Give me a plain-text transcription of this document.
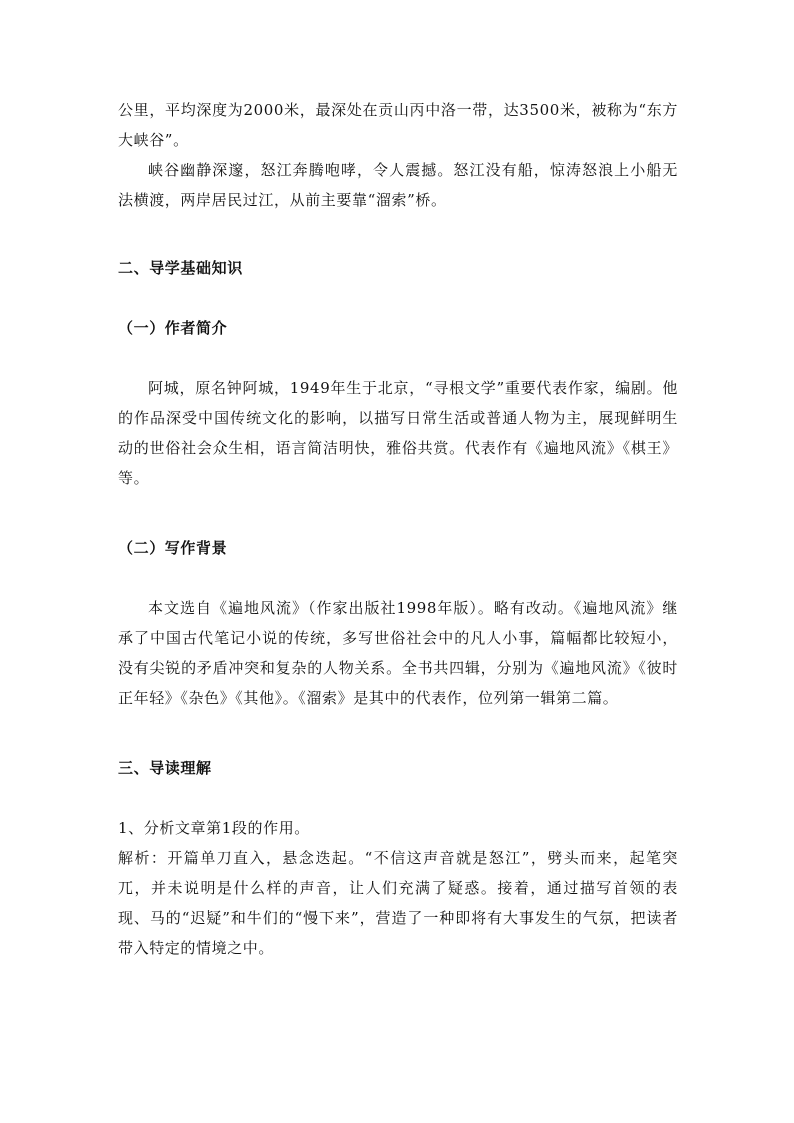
公里，平均深度为2000米，最深处在贡山丙中洛一带，达3500米，被称为“东方大峡谷”。

峡谷幽静深邃，怒江奔腾咆哮，令人震撼。怒江没有船，惊涛怒浪上小船无法横渡，两岸居民过江，从前主要靠“溜索”桥。

二、导学基础知识
（一）作者简介

阿城，原名钟阿城，1949年生于北京，“寻根文学”重要代表作家，编剧。他的作品深受中国传统文化的影响，以描写日常生活或普通人物为主，展现鲜明生动的世俗社会众生相，语言简洁明快，雅俗共赏。代表作有《遍地风流》《棋王》等。

（二）写作背景

本文选自《遍地风流》（作家出版社1998年版）。略有改动。《遍地风流》继承了中国古代笔记小说的传统，多写世俗社会中的凡人小事，篇幅都比较短小，没有尖锐的矛盾冲突和复杂的人物关系。全书共四辑，分别为《遍地风流》《彼时正年轻》《杂色》《其他》。《溜索》是其中的代表作，位列第一辑第二篇。

三、导读理解

1、分析文章第1段的作用。

解析：开篇单刀直入，悬念迭起。“不信这声音就是怒江”，劈头而来，起笔突兀，并未说明是什么样的声音，让人们充满了疑惑。接着，通过描写首领的表现、马的“迟疑”和牛们的“慢下来”，营造了一种即将有大事发生的气氛，把读者带入特定的情境之中。
